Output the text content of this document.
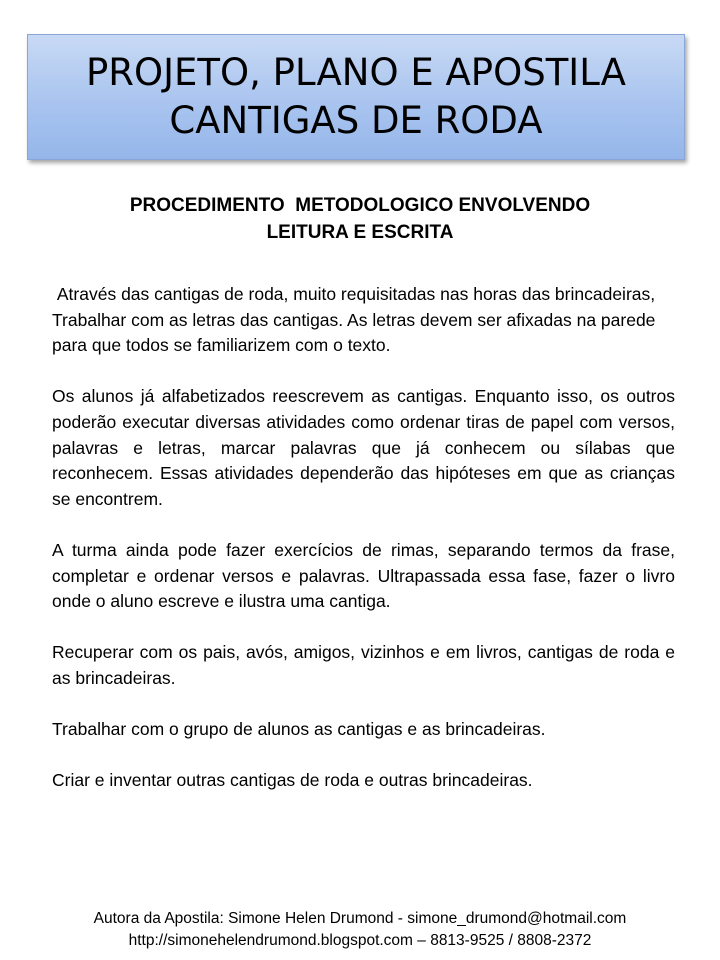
PROJETO, PLANO E APOSTILA
CANTIGAS DE RODA
PROCEDIMENTO  METODOLOGICO ENVOLVENDO
LEITURA E ESCRITA

Através das cantigas de roda, muito requisitadas nas horas das brincadeiras, Trabalhar com as letras das cantigas. As letras devem ser afixadas na parede para que todos se familiarizem com o texto.

Os alunos já alfabetizados reescrevem as cantigas. Enquanto isso, os outros poderão executar diversas atividades como ordenar tiras de papel com versos, palavras e letras, marcar palavras que já conhecem ou sílabas que reconhecem. Essas atividades dependerão das hipóteses em que as crianças se encontrem.

A turma ainda pode fazer exercícios de rimas, separando termos da frase, completar e ordenar versos e palavras. Ultrapassada essa fase, fazer o livro onde o aluno escreve e ilustra uma cantiga.

Recuperar com os pais, avós, amigos, vizinhos e em livros, cantigas de roda e as brincadeiras.

Trabalhar com o grupo de alunos as cantigas e as brincadeiras.

Criar e inventar outras cantigas de roda e outras brincadeiras.

Autora da Apostila: Simone Helen Drumond - simone_drumond@hotmail.com
http://simonehelendrumond.blogspot.com – 8813-9525 / 8808-2372
